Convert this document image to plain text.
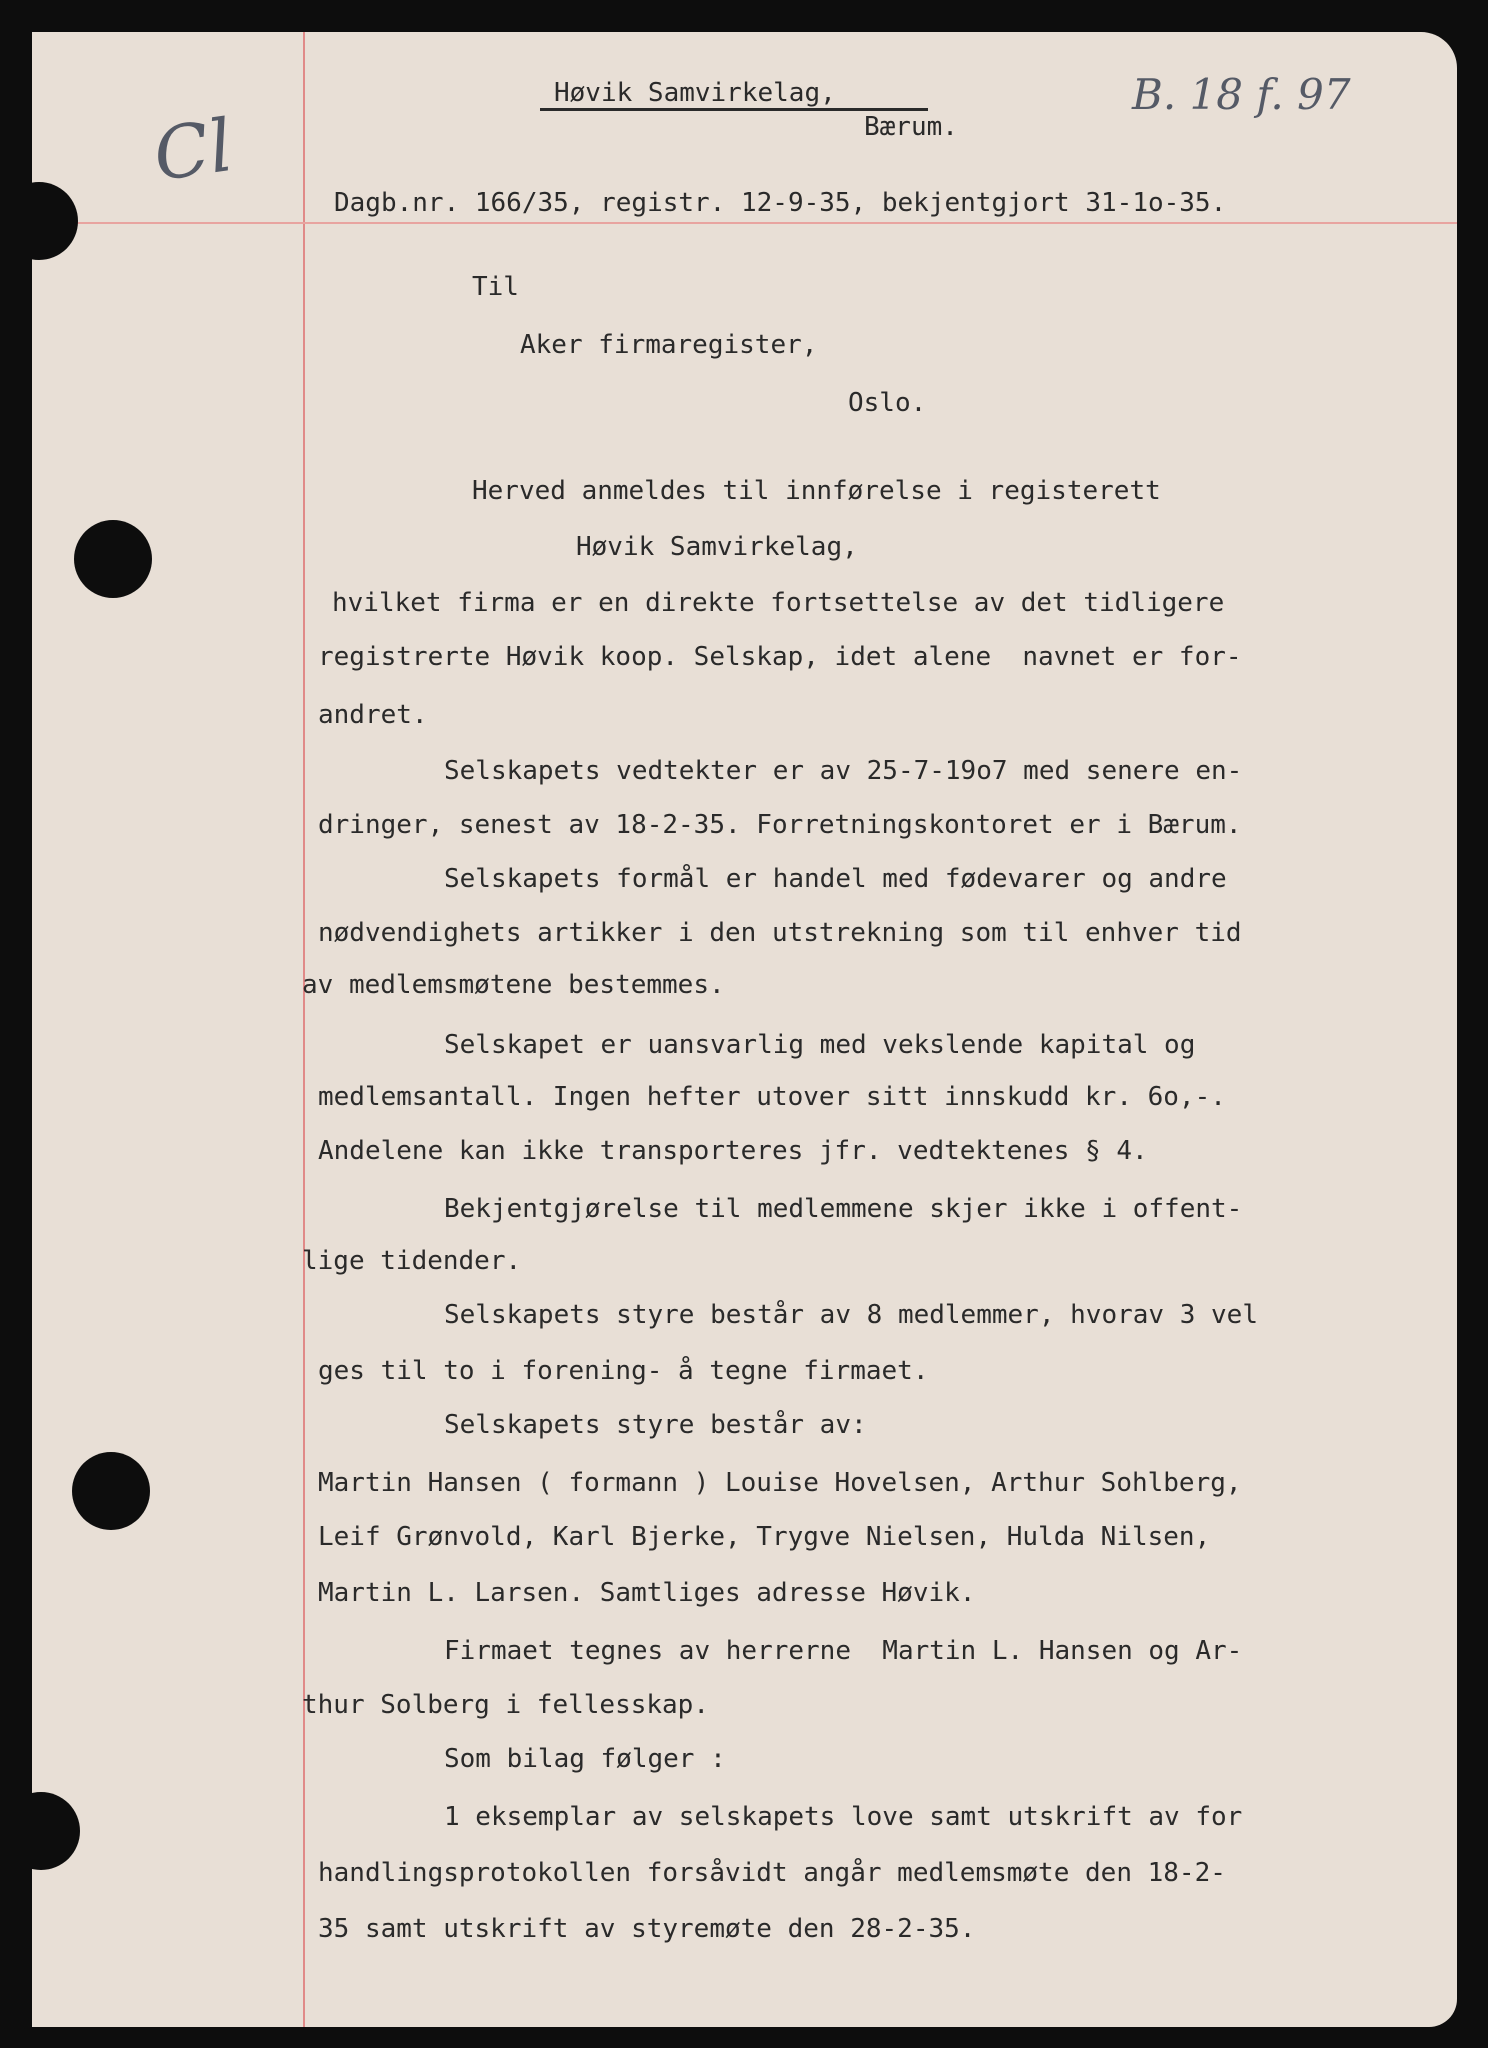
Cl
B. 18 f. 97
Høvik Samvirkelag,
Bærum.
Dagb.nr. 166/35, registr. 12-9-35, bekjentgjort 31-1o-35.
Til
Aker firmaregister,
Oslo.
Herved anmeldes til innførelse i registerett
Høvik Samvirkelag,
hvilket firma er en direkte fortsettelse av det tidligere
registrerte Høvik koop. Selskap, idet alene  navnet er for-
andret.
Selskapets vedtekter er av 25-7-19o7 med senere en-
dringer, senest av 18-2-35. Forretningskontoret er i Bærum.
Selskapets formål er handel med fødevarer og andre
nødvendighets artikker i den utstrekning som til enhver tid
av medlemsmøtene bestemmes.
Selskapet er uansvarlig med vekslende kapital og
medlemsantall. Ingen hefter utover sitt innskudd kr. 6o,-.
Andelene kan ikke transporteres jfr. vedtektenes § 4.
Bekjentgjørelse til medlemmene skjer ikke i offent-
lige tidender.
Selskapets styre består av 8 medlemmer, hvorav 3 vel
ges til to i forening- å tegne firmaet.
Selskapets styre består av:
Martin Hansen ( formann ) Louise Hovelsen, Arthur Sohlberg,
Leif Grønvold, Karl Bjerke, Trygve Nielsen, Hulda Nilsen,
Martin L. Larsen. Samtliges adresse Høvik.
Firmaet tegnes av herrerne  Martin L. Hansen og Ar-
thur Solberg i fellesskap.
Som bilag følger :
1 eksemplar av selskapets love samt utskrift av for
handlingsprotokollen forsåvidt angår medlemsmøte den 18-2-
35 samt utskrift av styremøte den 28-2-35.
